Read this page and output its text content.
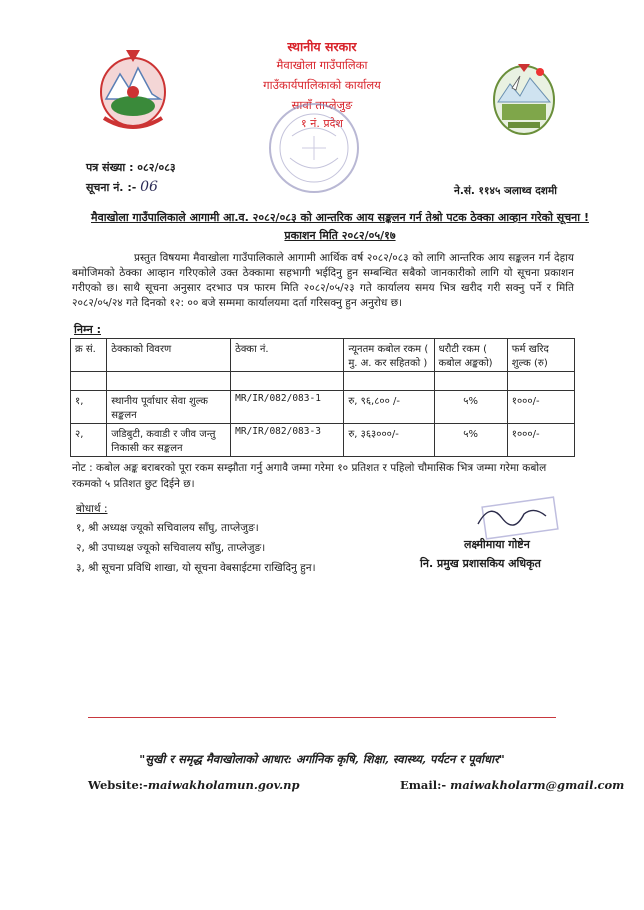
स्थानीय सरकार
मैवाखोला गाउँपालिका
गाउँकार्यपालिकाको कार्यालय
सावाँ ताप्लेजुङ
१ नं. प्रदेश
पत्र संख्या : ०८२/०८३
सूचना नं. :- 06	ने.सं. ११४५ ञलाथ्व दशमी
मैवाखोला गाउँपालिकाले आगामी आ.व. २०८२/०८३ को आन्तरिक आय सङ्कलन गर्न तेश्रो पटक ठेक्का आव्हान गरेको सूचना !
प्रकाशन मिति २०८२/०५/१७
प्रस्तुत विषयमा मैवाखोला गाउँपालिकाले आगामी आर्थिक वर्ष २०८२/०८३ को लागि आन्तरिक आय सङ्कलन गर्न देहाय बमोजिमको ठेक्का आव्हान गरिएकोले उक्त ठेक्कामा सहभागी भईदिनु हुन सम्बन्धित सबैको जानकारीको लागि यो सूचना प्रकाशन गरीएको छ। साथै सूचना अनुसार दरभाउ पत्र फारम मिति २०८२/०५/२३ गते कार्यालय समय भित्र खरीद गरी सक्नु पर्ने र मिति २०८२/०५/२४ गते दिनको १२: ०० बजे सम्ममा कार्यालयमा दर्ता गरिसक्नु हुन अनुरोध छ।
निम्न :
क्र सं.	ठेक्काको विवरण	ठेक्का नं.	न्यूनतम कबोल रकम ( मु. अ. कर सहितको )	धरौटी रकम ( कबोल अङ्कको)	फर्म खरिद शुल्क (रु)

१,	स्थानीय पूर्वाधार सेवा शुल्क सङ्कलन	MR/IR/082/083-1	रु, ९६,८०० /-	५%	१०००/-
२,	जडिबुटी, कवाडी र जीव जन्तु निकासी कर सङ्कलन	MR/IR/082/083-3	रु, ३६३०००/-	५%	१०००/-
नोट : कबोल अङ्क बराबरको पूरा रकम सम्झौता गर्नु अगावै जम्मा गरेमा १० प्रतिशत र पहिलो चौमासिक भित्र जम्मा गरेमा कबोल रकमको ५ प्रतिशत छुट दिईने छ।
बोधार्थ :
१, श्री अध्यक्ष ज्यूको सचिवालय साँघु, ताप्लेजुङ।
२, श्री उपाध्यक्ष ज्यूको सचिवालय साँघु, ताप्लेजुङ।
३, श्री सूचना प्रविधि शाखा, यो सूचना वेबसाईटमा राखिदिनु हुन।
लक्ष्मीमाया गोष्टेन
नि. प्रमुख प्रशासकिय अधिकृत
"सुखी र समृद्ध मैवाखोलाको आधार: अर्गानिक कृषि, शिक्षा, स्वास्थ्य, पर्यटन र पूर्वाधार"
Website:-maiwakholamun.gov.np	Email:- maiwakholarm@gmail.com
